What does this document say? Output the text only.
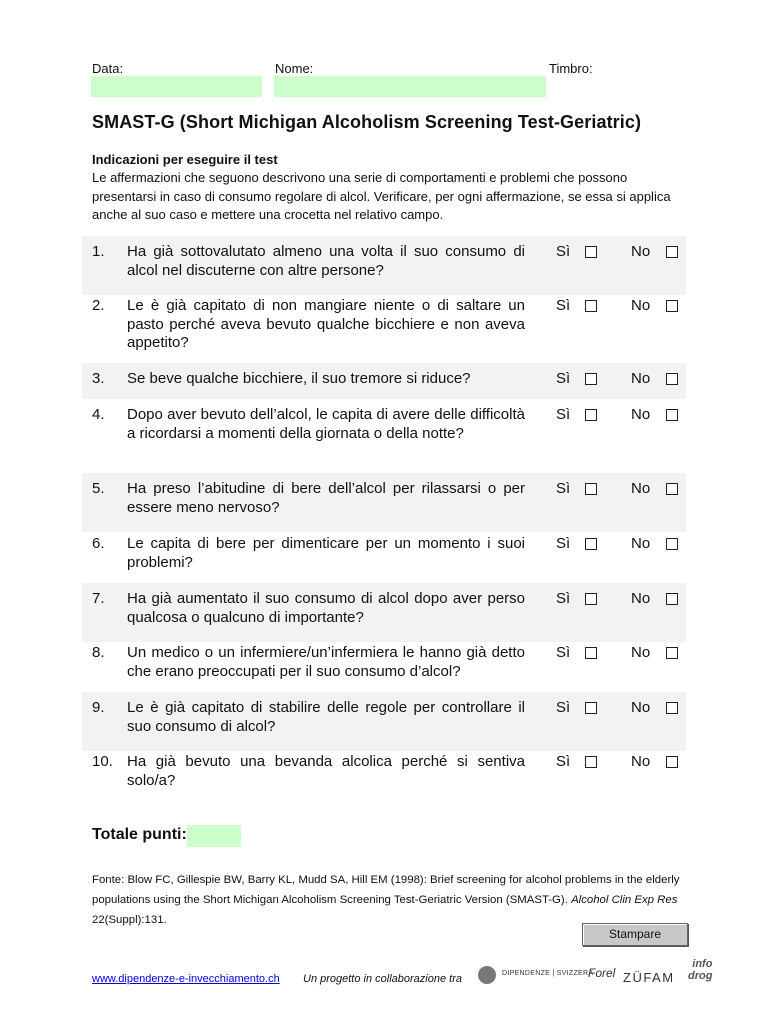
Data:	Nome:	Timbro:
SMAST-G (Short Michigan Alcoholism Screening Test-Geriatric)
Indicazioni per eseguire il test
Le affermazioni che seguono descrivono una serie di comportamenti e problemi che possono presentarsi in caso di consumo regolare di alcol. Verificare, per ogni affermazione, se essa si applica anche al suo caso e mettere una crocetta nel relativo campo.
1. Ha già sottovalutato almeno una volta il suo consumo di alcol nel discuterne con altre persone?
Sì	No
2. Le è già capitato di non mangiare niente o di saltare un pasto perché aveva bevuto qualche bicchiere e non aveva appetito?
Sì	No
3. Se beve qualche bicchiere, il suo tremore si riduce?	Sì	No
4. Dopo aver bevuto dell’alcol, le capita di avere delle difficoltà a ricordarsi a momenti della giornata o della notte?
Sì	No
5. Ha preso l’abitudine di bere dell’alcol per rilassarsi o per essere meno nervoso?
Sì	No
6. Le capita di bere per dimenticare per un momento i suoi problemi?
Sì	No
7. Ha già aumentato il suo consumo di alcol dopo aver perso qualcosa o qualcuno di importante?
Sì	No
8. Un medico o un infermiere/un’infermiera le hanno già detto che erano preoccupati per il suo consumo d’alcol?
Sì	No
9. Le è già capitato di stabilire delle regole per controllare il suo consumo di alcol?
Sì	No
10. Ha già bevuto una bevanda alcolica perché si sentiva solo/a?
Sì	No
Totale punti:
Fonte: Blow FC, Gillespie BW, Barry KL, Mudd SA, Hill EM (1998): Brief screening for alcohol problems in the elderly populations using the Short Michigan Alcoholism Screening Test-Geriatric Version (SMAST-G). Alcohol Clin Exp Res 22(Suppl):131.
Stampare
www.dipendenze-e-invecchiamento.ch Un progetto in collaborazione tra	DIPENDENZE | SVIZZERA
Forel ZÜFAM
info
drog
